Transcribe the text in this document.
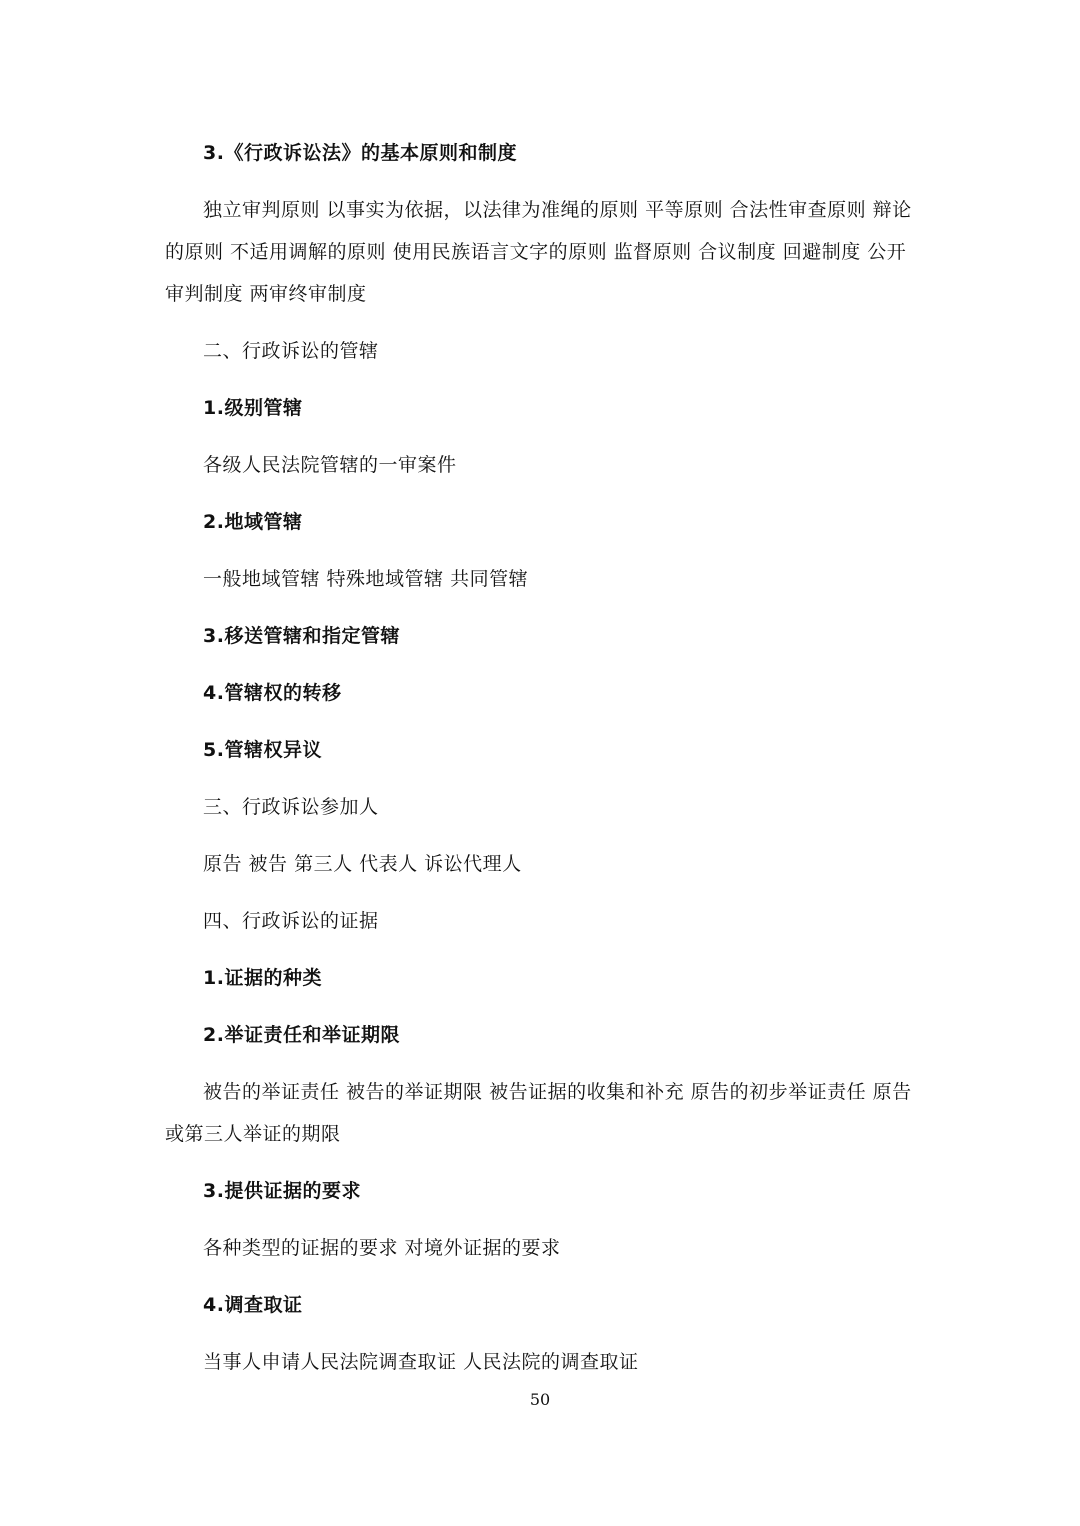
3.《行政诉讼法》的基本原则和制度

独立审判原则 以事实为依据，以法律为准绳的原则 平等原则 合法性审查原则 辩论的原则 不适用调解的原则 使用民族语言文字的原则 监督原则 合议制度 回避制度 公开审判制度 两审终审制度

二、行政诉讼的管辖

1.级别管辖

各级人民法院管辖的一审案件

2.地域管辖

一般地域管辖 特殊地域管辖 共同管辖

3.移送管辖和指定管辖

4.管辖权的转移

5.管辖权异议

三、行政诉讼参加人

原告 被告 第三人 代表人 诉讼代理人

四、行政诉讼的证据

1.证据的种类

2.举证责任和举证期限

被告的举证责任 被告的举证期限 被告证据的收集和补充 原告的初步举证责任 原告或第三人举证的期限

3.提供证据的要求

各种类型的证据的要求 对境外证据的要求

4.调查取证

当事人申请人民法院调查取证 人民法院的调查取证

50
